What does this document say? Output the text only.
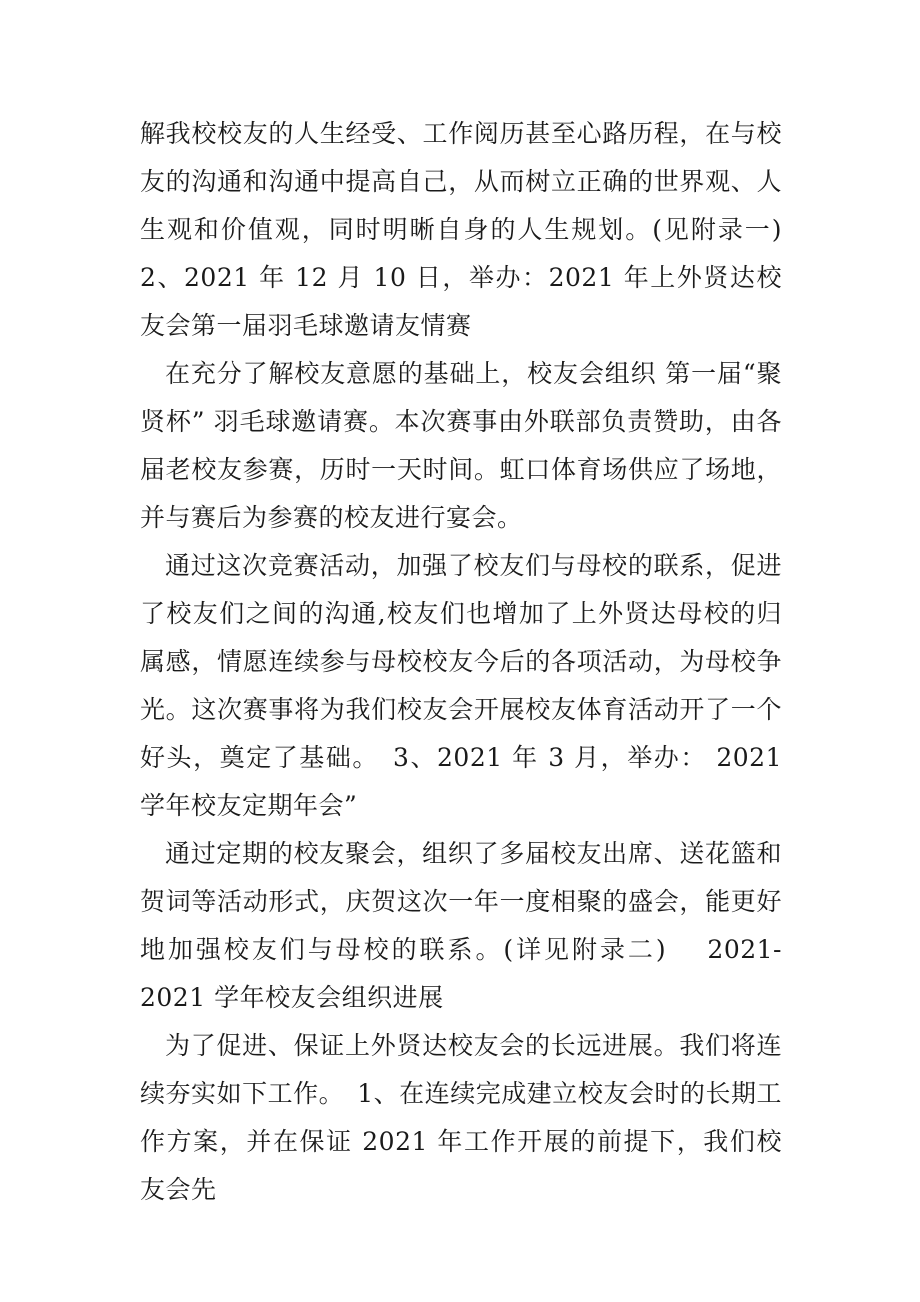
解我校校友的人生经受、工作阅历甚至心路历程，在与校友的沟通和沟通中提高自己，从而树立正确的世界观、人生观和价值观，同时明晰自身的人生规划。(见附录一)　 2、2021 年 12 月 10 日，举办：2021 年上外贤达校友会第一届羽毛球邀请友情赛

在充分了解校友意愿的基础上，校友会组织 第一届“聚贤杯” 羽毛球邀请赛。本次赛事由外联部负责赞助，由各届老校友参赛，历时一天时间。虹口体育场供应了场地，并与赛后为参赛的校友进行宴会。

通过这次竞赛活动，加强了校友们与母校的联系，促进了校友们之间的沟通,校友们也增加了上外贤达母校的归属感，情愿连续参与母校校友今后的各项活动，为母校争光。这次赛事将为我们校友会开展校友体育活动开了一个好头，奠定了基础。　3、2021 年 3 月，举办： 2021 学年校友定期年会”

通过定期的校友聚会，组织了多届校友出席、送花篮和贺词等活动形式，庆贺这次一年一度相聚的盛会，能更好地加强校友们与母校的联系。(详见附录二)　 2021-2021 学年校友会组织进展

为了促进、保证上外贤达校友会的长远进展。我们将连续夯实如下工作。　1、在连续完成建立校友会时的长期工作方案，并在保证 2021 年工作开展的前提下，我们校友会先
